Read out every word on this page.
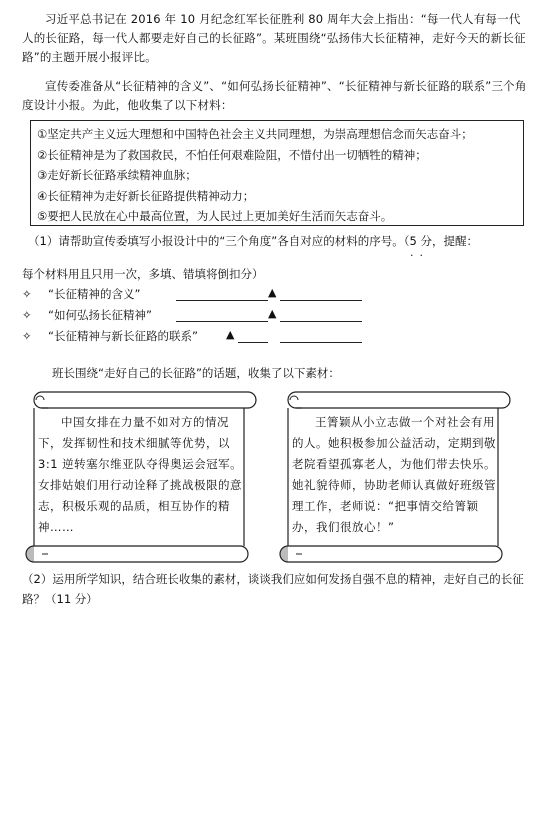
习近平总书记在 2016 年 10 月纪念红军长征胜利 80 周年大会上指出：“每一代人有每一代人的长征路，每一代人都要走好自己的长征路”。某班围绕“弘扬伟大长征精神，走好今天的新长征路”的主题开展小报评比。
宣传委准备从“长征精神的含义”、“如何弘扬长征精神”、“长征精神与新长征路的联系”三个角度设计小报。为此，他收集了以下材料：
①坚定共产主义远大理想和中国特色社会主义共同理想，为崇高理想信念而矢志奋斗；
②长征精神是为了救国救民，不怕任何艰难险阻，不惜付出一切牺牲的精神；
③走好新长征路承续精神血脉；
④长征精神为走好新长征路提供精神动力；
⑤要把人民放在心中最高位置，为人民过上更加美好生活而矢志奋斗。
（1）请帮助宣传委填写小报设计中的“三个角度”各自对应的材料的序号。（5 分，提醒：
··
每个材料用且只用一次，多填、错填将倒扣分）
✧ “长征精神的含义”	▲
✧ “如何弘扬长征精神”	▲
✧ “长征精神与新长征路的联系”	▲
班长围绕“走好自己的长征路”的话题，收集了以下素材：
中国女排在力量不如对方的情况下，发挥韧性和技术细腻等优势，以 3:1 逆转塞尔维亚队夺得奥运会冠军。女排姑娘们用行动诠释了挑战极限的意志，积极乐观的品质，相互协作的精神……
王箐颖从小立志做一个对社会有用的人。她积极参加公益活动，定期到敬老院看望孤寡老人，为他们带去快乐。她礼貌待师，协助老师认真做好班级管理工作，老师说：“把事情交给箐颖办，我们很放心！”
（2）运用所学知识，结合班长收集的素材，谈谈我们应如何发扬自强不息的精神，走好自己的长征路？（11 分）
